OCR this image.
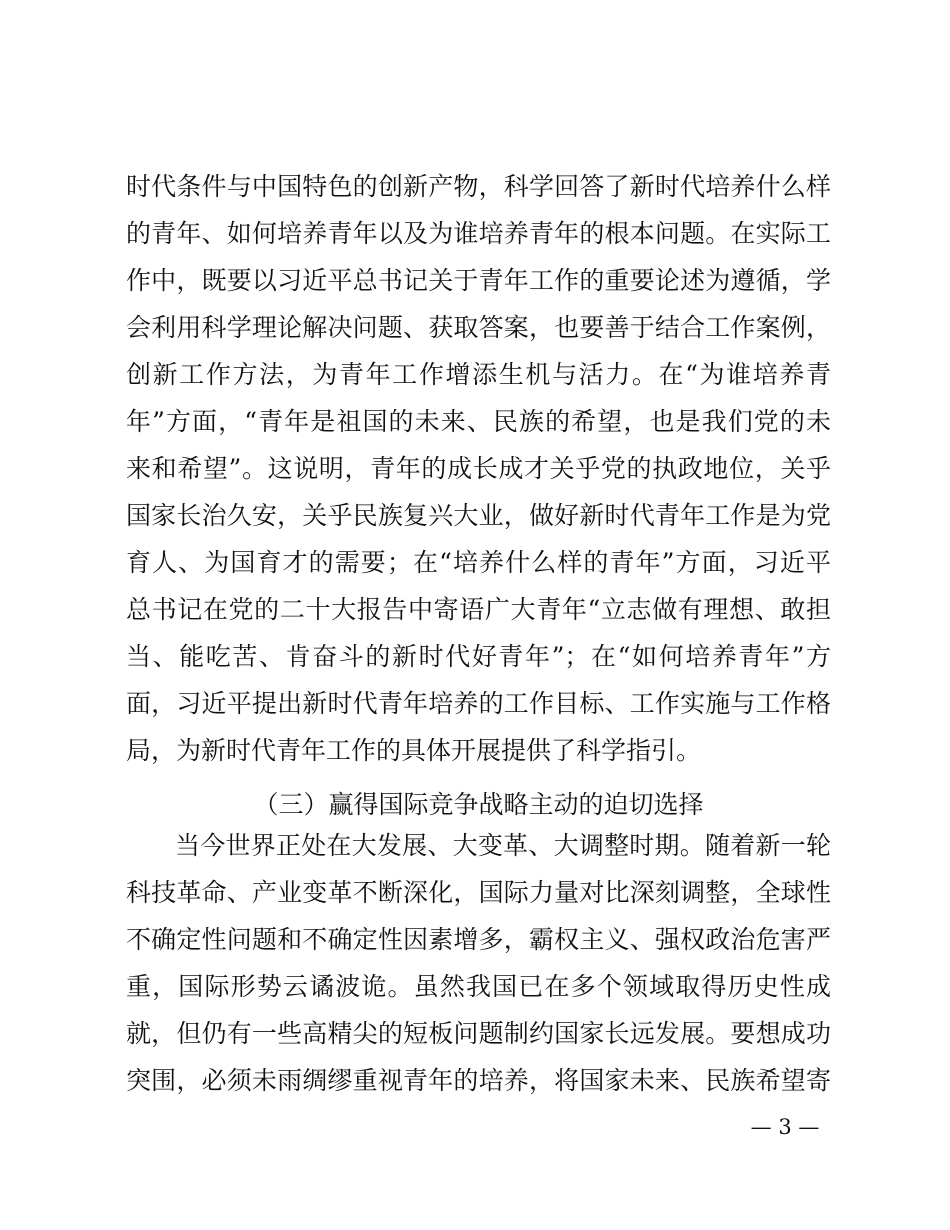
时代条件与中国特色的创新产物，科学回答了新时代培养什么样
的青年、如何培养青年以及为谁培养青年的根本问题。在实际工
作中，既要以习近平总书记关于青年工作的重要论述为遵循，学
会利用科学理论解决问题、获取答案，也要善于结合工作案例，
创新工作方法，为青年工作增添生机与活力。在“为谁培养青
年”方面，“青年是祖国的未来、民族的希望，也是我们党的未
来和希望”。这说明，青年的成长成才关乎党的执政地位，关乎
国家长治久安，关乎民族复兴大业，做好新时代青年工作是为党
育人、为国育才的需要；在“培养什么样的青年”方面，习近平
总书记在党的二十大报告中寄语广大青年“立志做有理想、敢担
当、能吃苦、肯奋斗的新时代好青年”；在“如何培养青年”方
面，习近平提出新时代青年培养的工作目标、工作实施与工作格
局，为新时代青年工作的具体开展提供了科学指引。
（三）赢得国际竞争战略主动的迫切选择
当今世界正处在大发展、大变革、大调整时期。随着新一轮
科技革命、产业变革不断深化，国际力量对比深刻调整，全球性
不确定性问题和不确定性因素增多，霸权主义、强权政治危害严
重，国际形势云谲波诡。虽然我国已在多个领域取得历史性成
就，但仍有一些高精尖的短板问题制约国家长远发展。要想成功
突围，必须未雨绸缪重视青年的培养，将国家未来、民族希望寄
— 3 —
